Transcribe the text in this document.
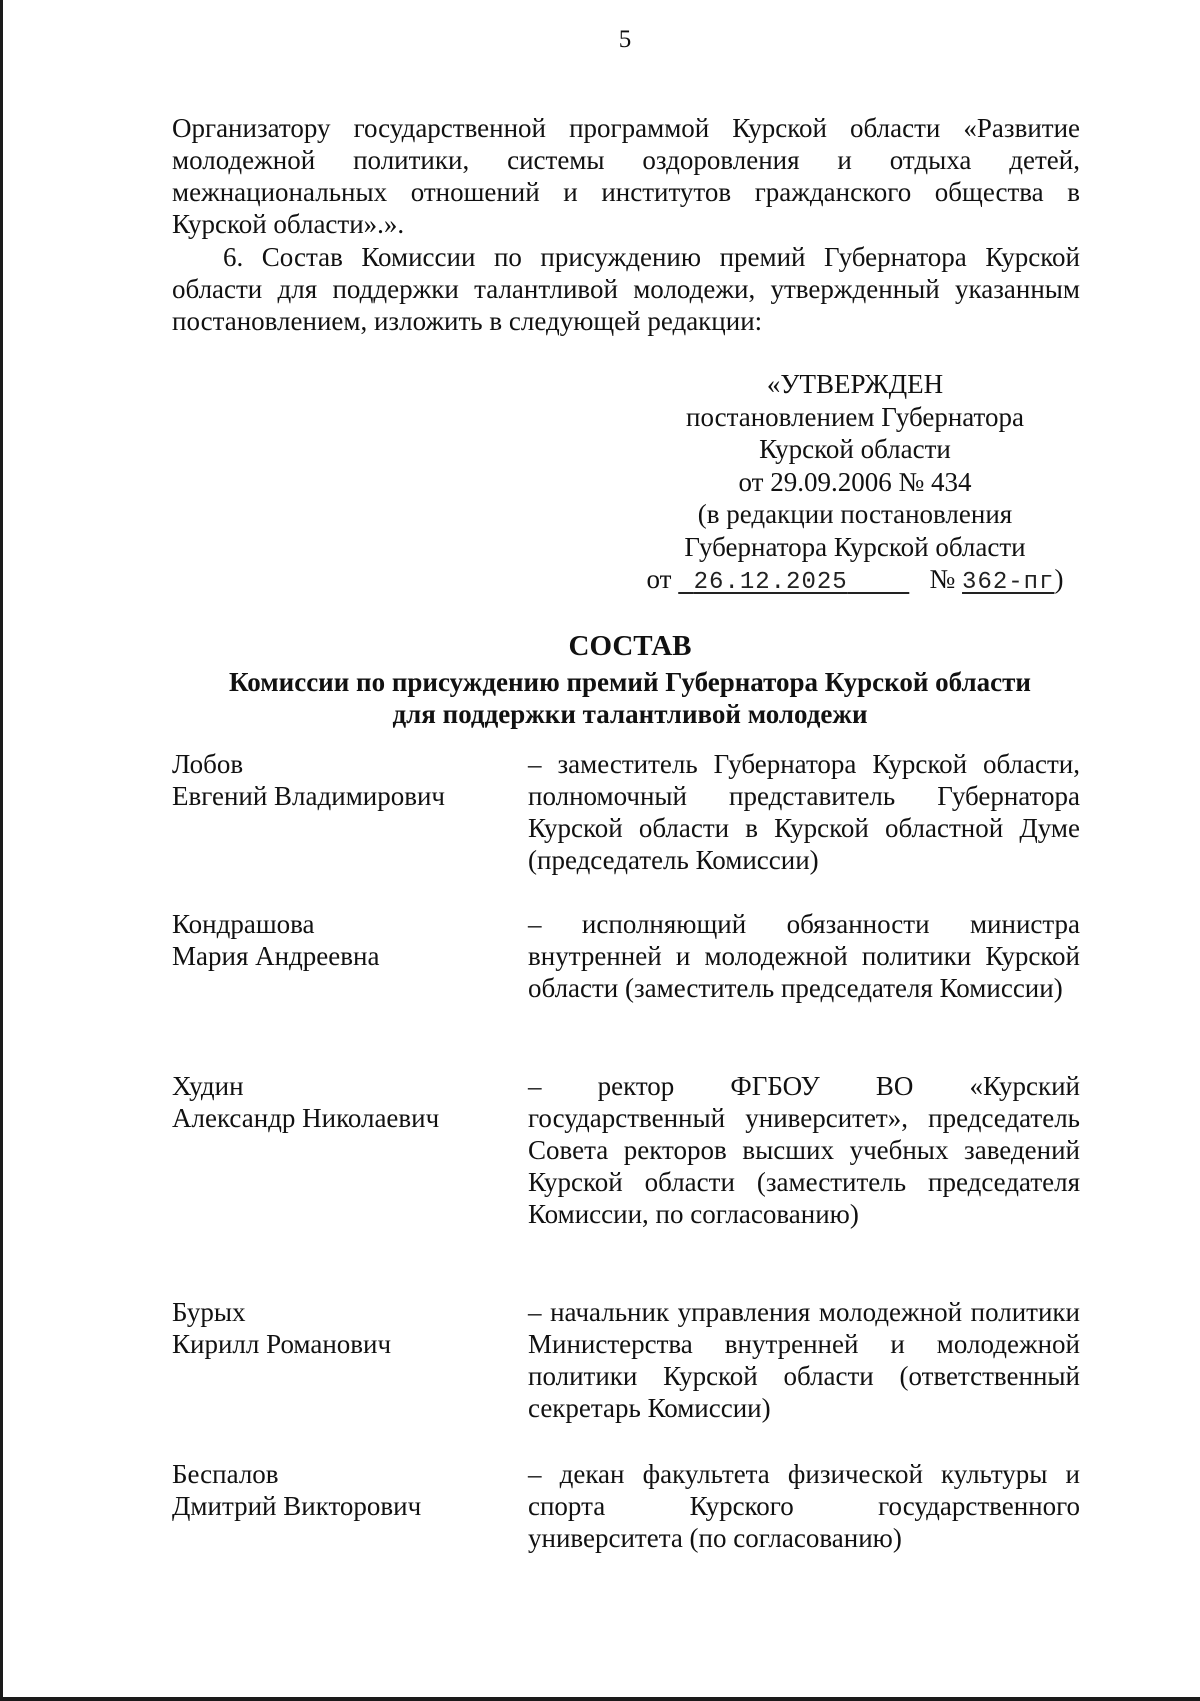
5
Организатору государственной программой Курской области «Развитие молодежной политики, системы оздоровления и отдыха детей, межнациональных отношений и институтов гражданского общества в Курской области».».
6. Состав Комиссии по присуждению премий Губернатора Курской области для поддержки талантливой молодежи, утвержденный указанным постановлением, изложить в следующей редакции:
«УТВЕРЖДЕН
постановлением Губернатора
Курской области
от 29.09.2006 № 434
(в редакции постановления
Губернатора Курской области
от 26.12.2025	№ 362-пг)
СОСТАВ
Комиссии по присуждению премий Губернатора Курской области
для поддержки талантливой молодежи
Лобов
Евгений Владимирович
– заместитель Губернатора Курской области, полномочный представитель Губернатора Курской области в Курской областной Думе (председатель Комиссии)
Кондрашова
Мария Андреевна
– исполняющий обязанности министра внутренней и молодежной политики Курской области (заместитель председателя Комиссии)
Худин
Александр Николаевич
– ректор ФГБОУ ВО «Курский государственный университет», председатель Совета ректоров высших учебных заведений Курской области (заместитель председателя Комиссии, по согласованию)
Бурых
Кирилл Романович
– начальник управления молодежной политики Министерства внутренней и молодежной политики Курской области (ответственный секретарь Комиссии)
Беспалов
Дмитрий Викторович
– декан факультета физической культуры и спорта Курского государственного университета (по согласованию)
